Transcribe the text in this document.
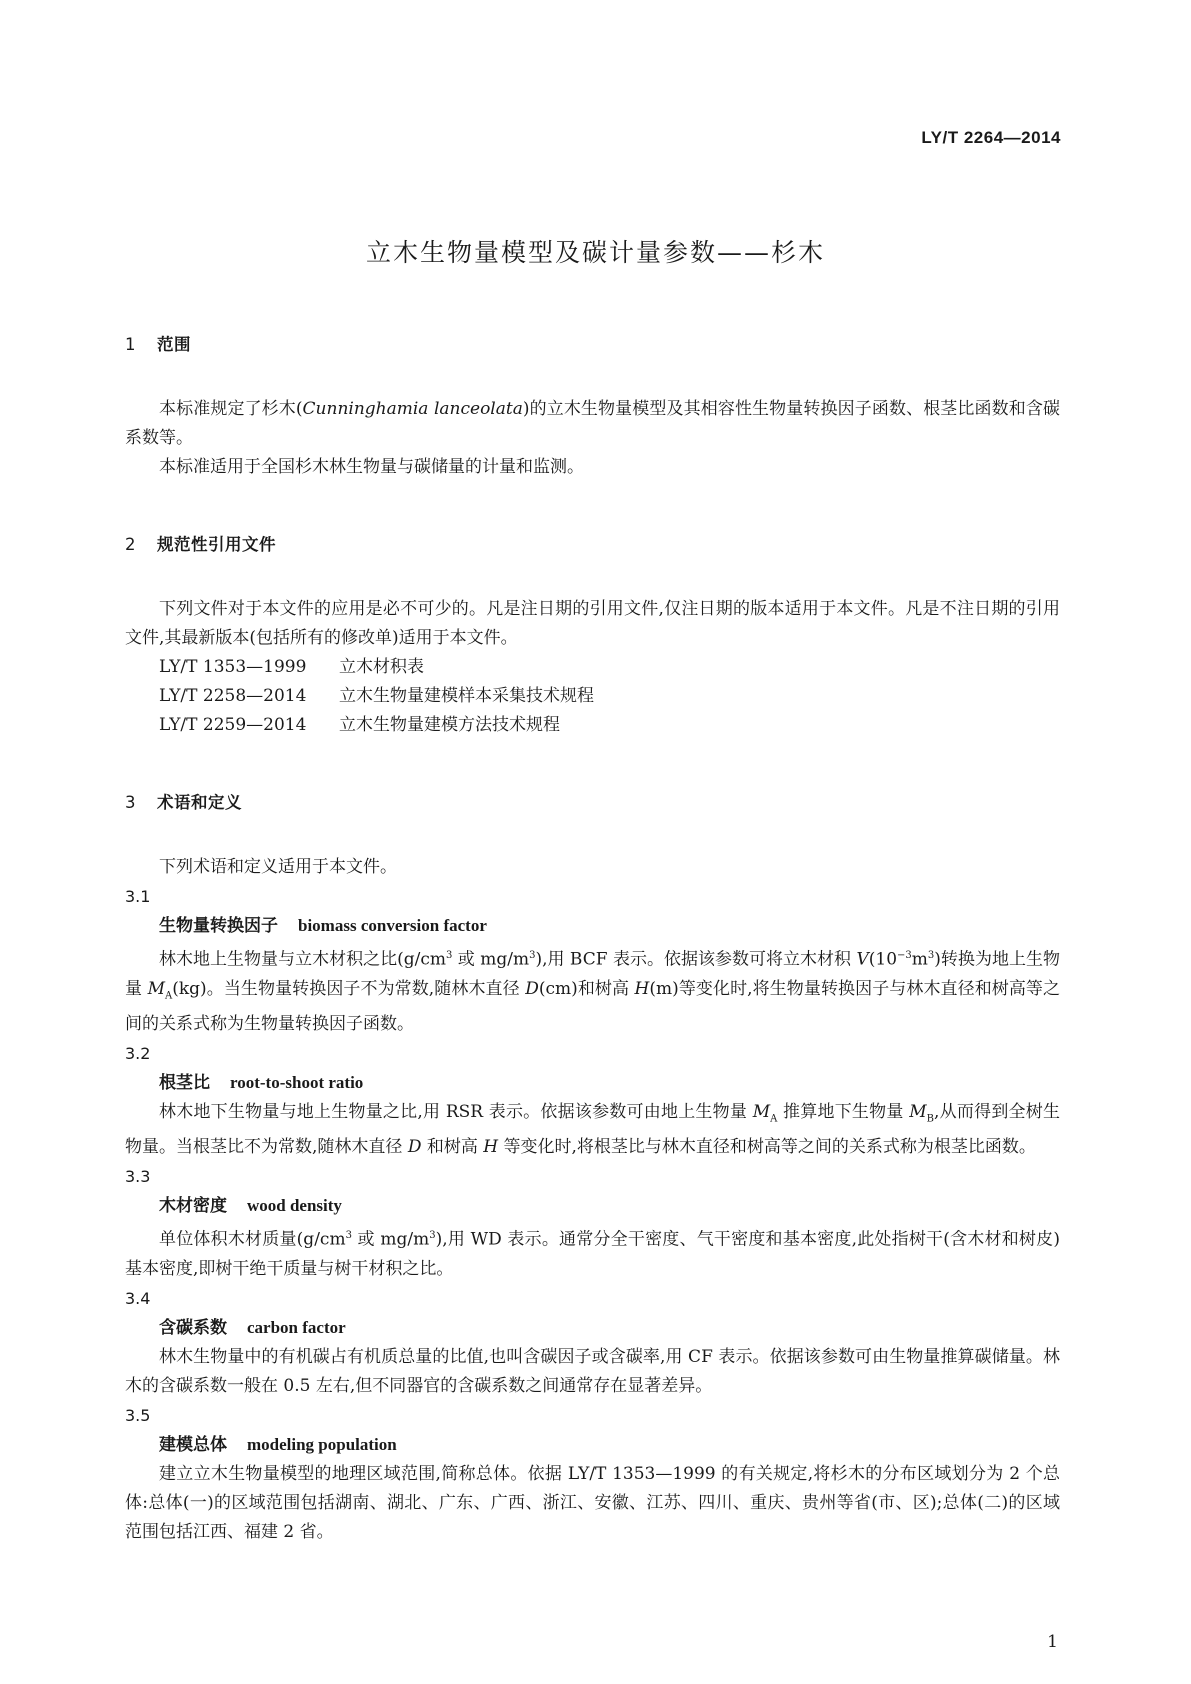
LY/T 2264—2014
立木生物量模型及碳计量参数——杉木
1 范围

本标准规定了杉木(Cunninghamia lanceolata)的立木生物量模型及其相容性生物量转换因子函数、根茎比函数和含碳系数等。

本标准适用于全国杉木林生物量与碳储量的计量和监测。

2 规范性引用文件

下列文件对于本文件的应用是必不可少的。凡是注日期的引用文件,仅注日期的版本适用于本文件。凡是不注日期的引用文件,其最新版本(包括所有的修改单)适用于本文件。

LY/T 1353—1999 立木材积表
LY/T 2258—2014 立木生物量建模样本采集技术规程
LY/T 2259—2014 立木生物量建模方法技术规程
3 术语和定义

下列术语和定义适用于本文件。

3.1
生物量转换因子 biomass conversion factor

林木地上生物量与立木材积之比($g/cm^3$ 或 $mg/m^3$),用 BCF 表示。依据该参数可将立木材积 $V(10^{-3}m^3)$转换为地上生物量 $M_A(kg)$。当生物量转换因子不为常数,随林木直径 D(cm)和树高 H(m)等变化时,将生物量转换因子与林木直径和树高等之间的关系式称为生物量转换因子函数。

3.2
根茎比 root-to-shoot ratio

林木地下生物量与地上生物量之比,用 RSR 表示。依据该参数可由地上生物量 $M_A$ 推算地下生物量 $M_B$,从而得到全树生物量。当根茎比不为常数,随林木直径 D 和树高 H 等变化时,将根茎比与林木直径和树高等之间的关系式称为根茎比函数。

3.3
木材密度 wood density

单位体积木材质量($g/cm^3$ 或 $mg/m^3$),用 WD 表示。通常分全干密度、气干密度和基本密度,此处指树干(含木材和树皮)基本密度,即树干绝干质量与树干材积之比。

3.4
含碳系数 carbon factor

林木生物量中的有机碳占有机质总量的比值,也叫含碳因子或含碳率,用 CF 表示。依据该参数可由生物量推算碳储量。林木的含碳系数一般在 0.5 左右,但不同器官的含碳系数之间通常存在显著差异。

3.5
建模总体 modeling population

建立立木生物量模型的地理区域范围,简称总体。依据 LY/T 1353—1999 的有关规定,将杉木的分布区域划分为 2 个总体:总体(一)的区域范围包括湖南、湖北、广东、广西、浙江、安徽、江苏、四川、重庆、贵州等省(市、区);总体(二)的区域范围包括江西、福建 2 省。

1
